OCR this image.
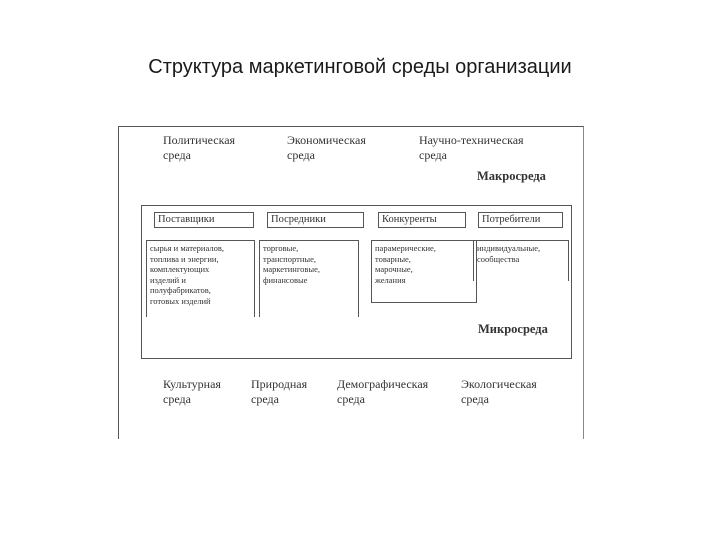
Структура маркетинговой среды организации
Политическая
среда
Экономическая
среда
Научно-техническая
среда
Макросреда
Поставщики	Посредники	Конкуренты	Потребители
сырья и материалов,
топлива и энергии,
комплектующих
изделий и
полуфабрикатов,
готовых изделий
торговые,
транспортные,
маркетинговые,
финансовые
парамерические,
товарные,
марочные,
желания
индивидуальные,
сообщества
Микросреда
Культурная
среда
Природная
среда
Демографическая
среда
Экологическая
среда
